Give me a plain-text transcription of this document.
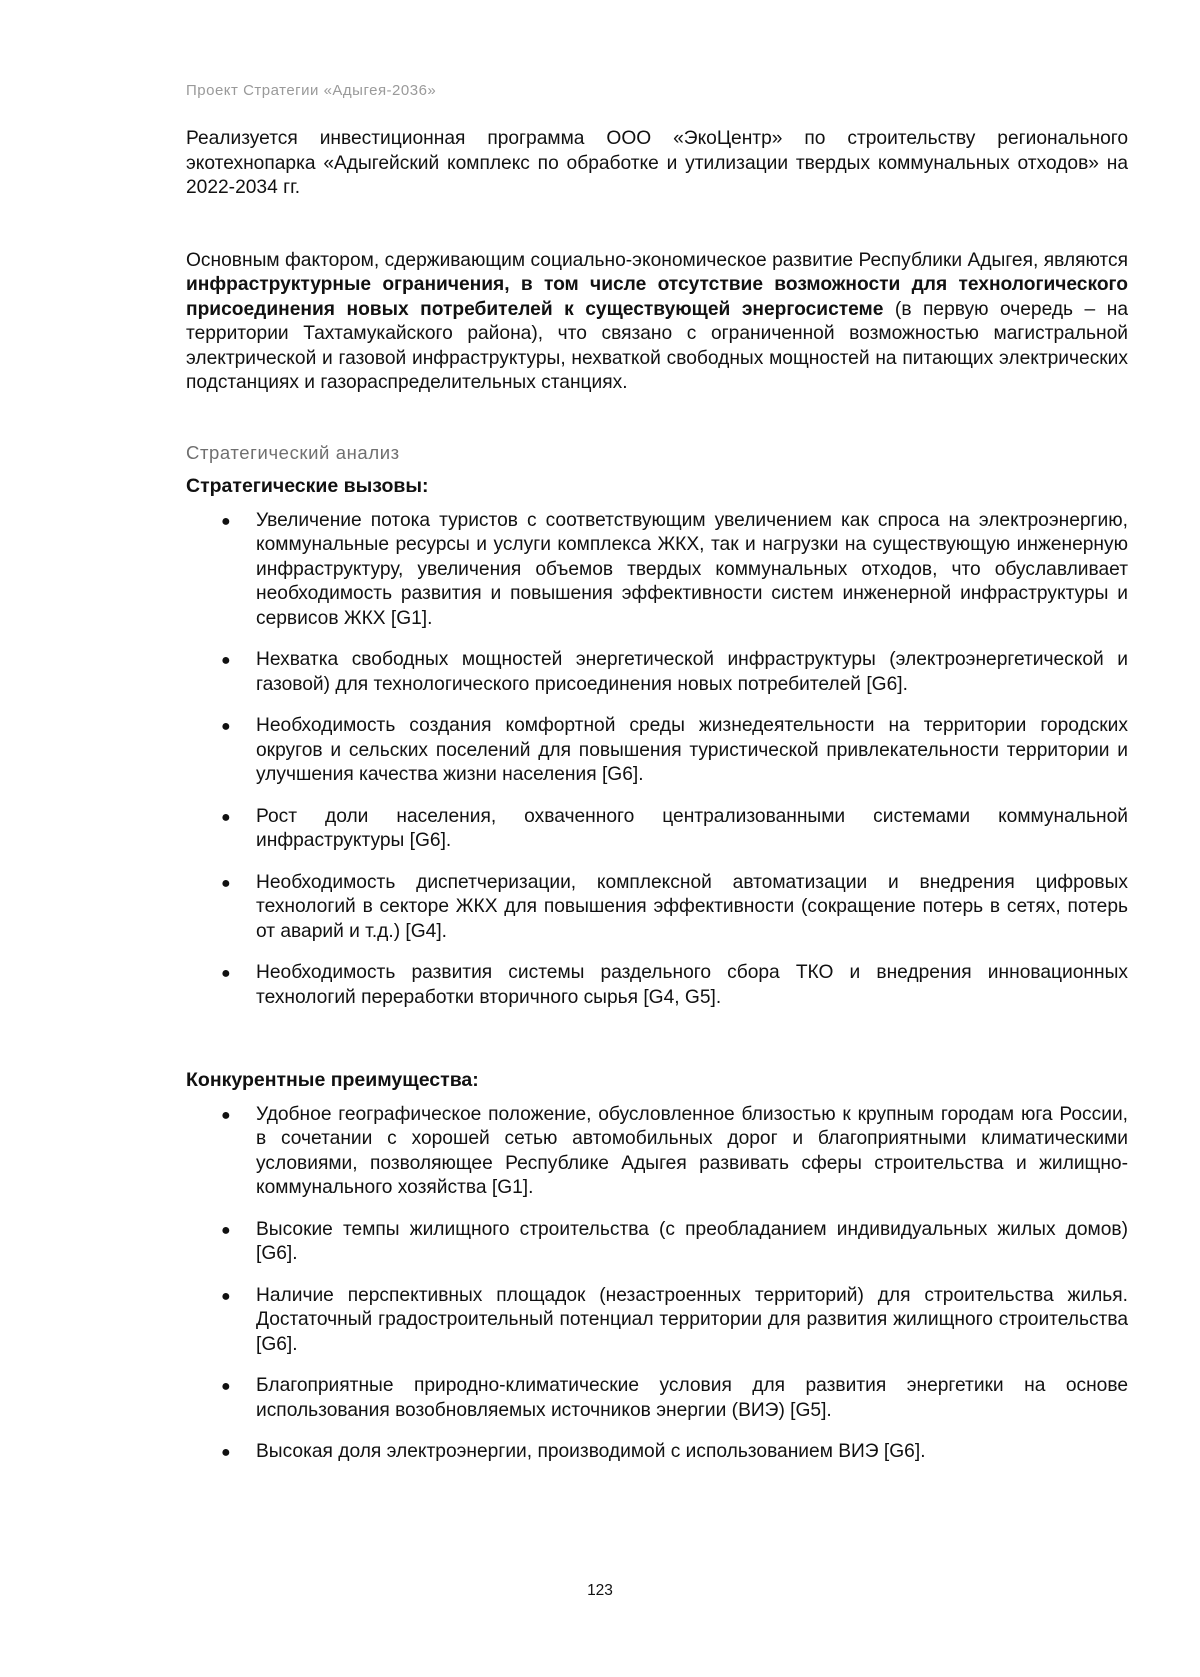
Проект Стратегии «Адыгея-2036»

Реализуется инвестиционная программа ООО «ЭкоЦентр» по строительству регионального экотехнопарка «Адыгейский комплекс по обработке и утилизации твердых коммунальных отходов» на 2022-2034 гг.

Основным фактором, сдерживающим социально-экономическое развитие Республики Адыгея, являются инфраструктурные ограничения, в том числе отсутствие возможности для технологического присоединения новых потребителей к существующей энергосистеме (в первую очередь – на территории Тахтамукайского района), что связано с ограниченной возможностью магистральной электрической и газовой инфраструктуры, нехваткой свободных мощностей на питающих электрических подстанциях и газораспределительных станциях.

Стратегический анализ

Стратегические вызовы:

● Увеличение потока туристов с соответствующим увеличением как спроса на электроэнергию, коммунальные ресурсы и услуги комплекса ЖКХ, так и нагрузки на существующую инженерную инфраструктуру, увеличения объемов твердых коммунальных отходов, что обуславливает необходимость развития и повышения эффективности систем инженерной инфраструктуры и сервисов ЖКХ [G1].
● Нехватка свободных мощностей энергетической инфраструктуры (электроэнергетической и газовой) для технологического присоединения новых потребителей [G6].
● Необходимость создания комфортной среды жизнедеятельности на территории городских округов и сельских поселений для повышения туристической привлекательности территории и улучшения качества жизни населения [G6].
● Рост доли населения, охваченного централизованными системами коммунальной инфраструктуры [G6].
● Необходимость диспетчеризации, комплексной автоматизации и внедрения цифровых технологий в секторе ЖКХ для повышения эффективности (сокращение потерь в сетях, потерь от аварий и т.д.) [G4].
● Необходимость развития системы раздельного сбора ТКО и внедрения инновационных технологий переработки вторичного сырья [G4, G5].

Конкурентные преимущества:

● Удобное географическое положение, обусловленное близостью к крупным городам юга России, в сочетании с хорошей сетью автомобильных дорог и благоприятными климатическими условиями, позволяющее Республике Адыгея развивать сферы строительства и жилищно-коммунального хозяйства [G1].
● Высокие темпы жилищного строительства (с преобладанием индивидуальных жилых домов) [G6].
● Наличие перспективных площадок (незастроенных территорий) для строительства жилья. Достаточный градостроительный потенциал территории для развития жилищного строительства [G6].
● Благоприятные природно-климатические условия для развития энергетики на основе использования возобновляемых источников энергии (ВИЭ) [G5].
● Высокая доля электроэнергии, производимой с использованием ВИЭ [G6].
123
